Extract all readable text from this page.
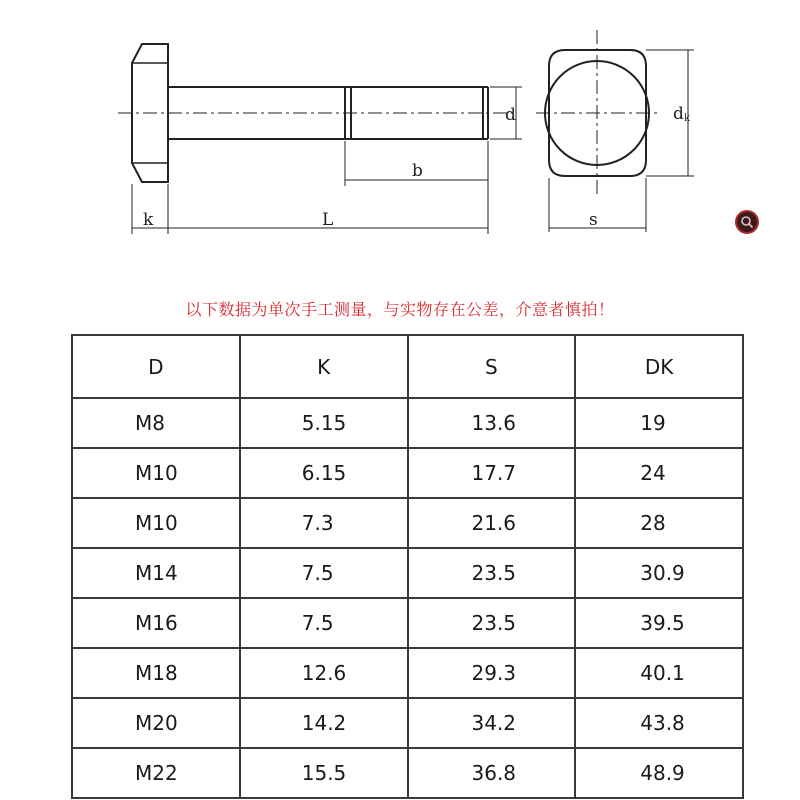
k	L
b
d
s
d k
以下数据为单次手工测量，与实物存在公差，介意者慎拍！
D	K	S	DK
M8	5.15	13.6	19
M10	6.15	17.7	24
M10	7.3	21.6	28
M14	7.5	23.5	30.9
M16	7.5	23.5	39.5
M18	12.6	29.3	40.1
M20	14.2	34.2	43.8
M22	15.5	36.8	48.9
